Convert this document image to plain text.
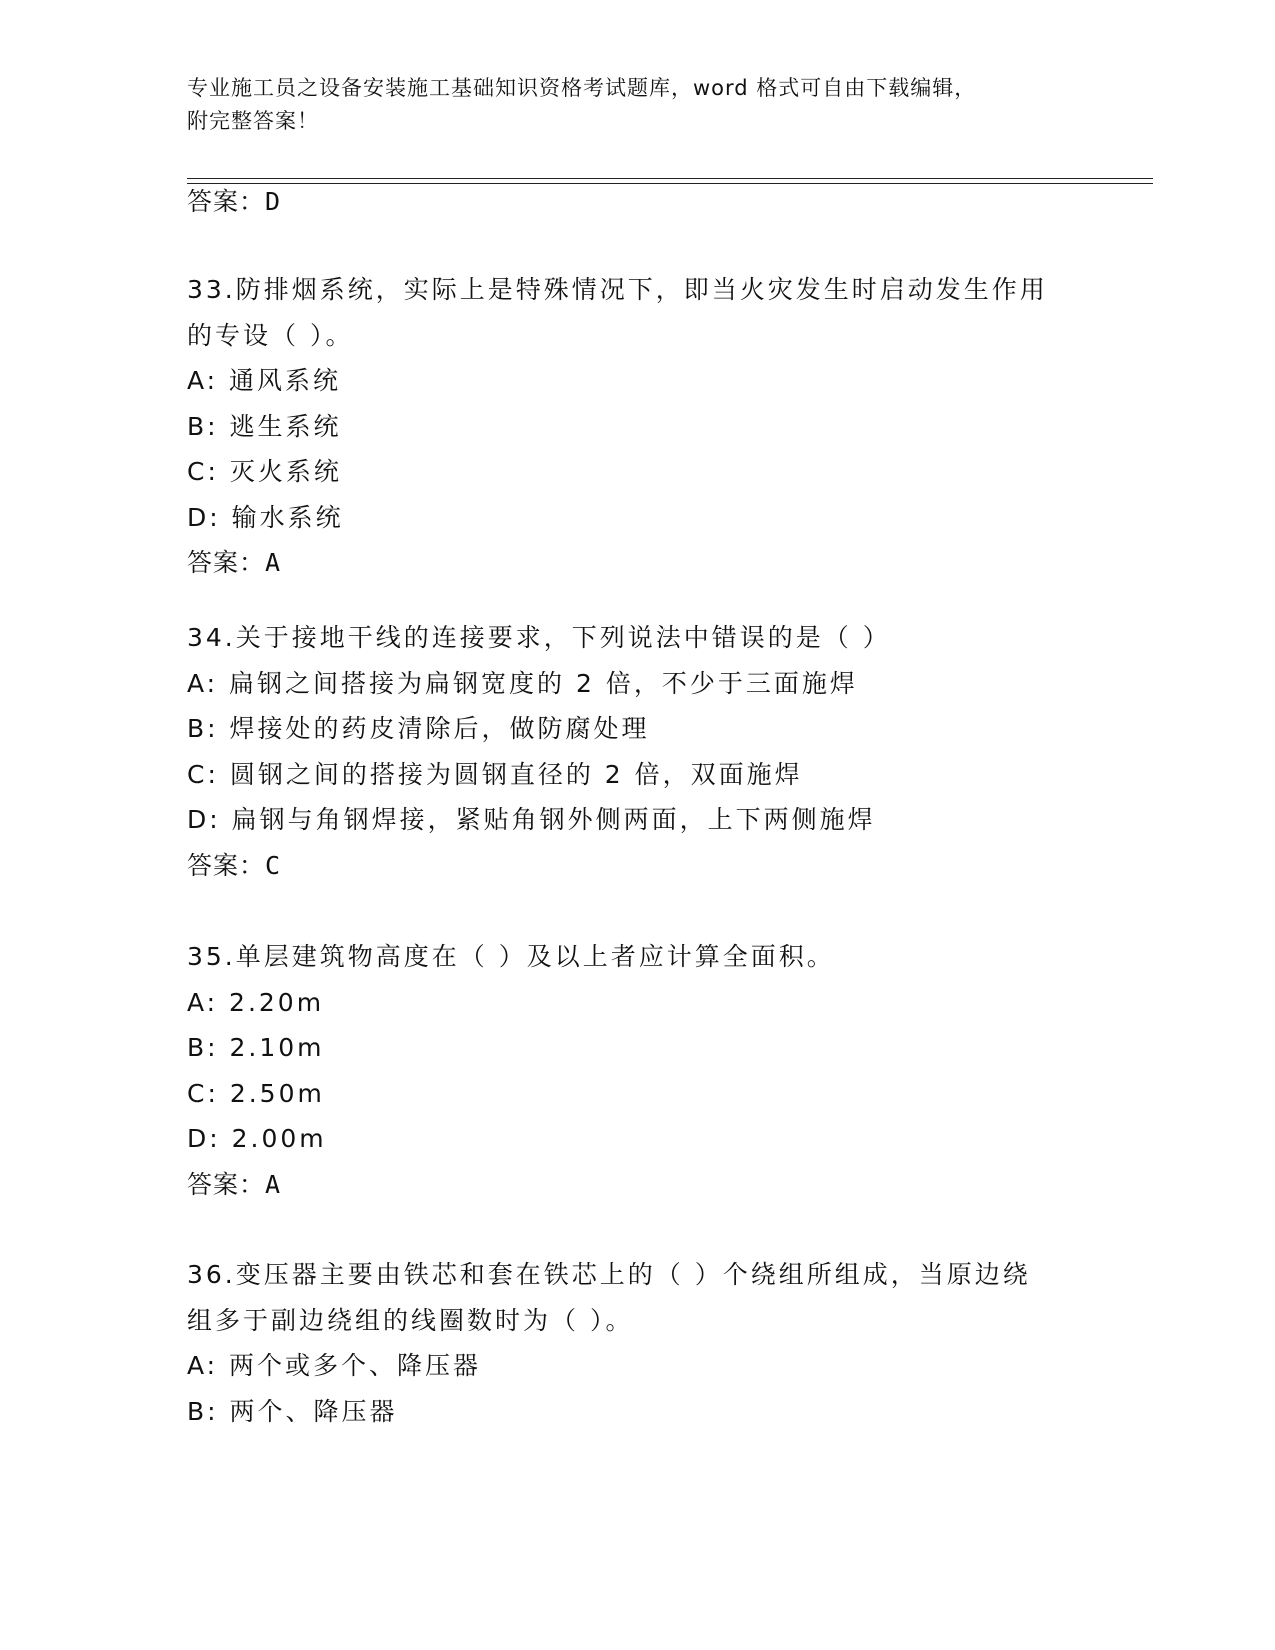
专业施工员之设备安装施工基础知识资格考试题库，word 格式可自由下载编辑，
附完整答案！
答案：D
33.防排烟系统，实际上是特殊情况下，即当火灾发生时启动发生作用
的专设（ ）。
A: 通风系统
B: 逃生系统
C: 灭火系统
D: 输水系统
答案：A
34.关于接地干线的连接要求，下列说法中错误的是（ ）
A: 扁钢之间搭接为扁钢宽度的 2 倍，不少于三面施焊
B: 焊接处的药皮清除后，做防腐处理
C: 圆钢之间的搭接为圆钢直径的 2 倍，双面施焊
D: 扁钢与角钢焊接，紧贴角钢外侧两面，上下两侧施焊
答案：C
35.单层建筑物高度在（ ）及以上者应计算全面积。
A: 2.20m
B: 2.10m
C: 2.50m
D: 2.00m
答案：A
36.变压器主要由铁芯和套在铁芯上的（ ）个绕组所组成，当原边绕
组多于副边绕组的线圈数时为（ ）。
A: 两个或多个、降压器
B: 两个、降压器
